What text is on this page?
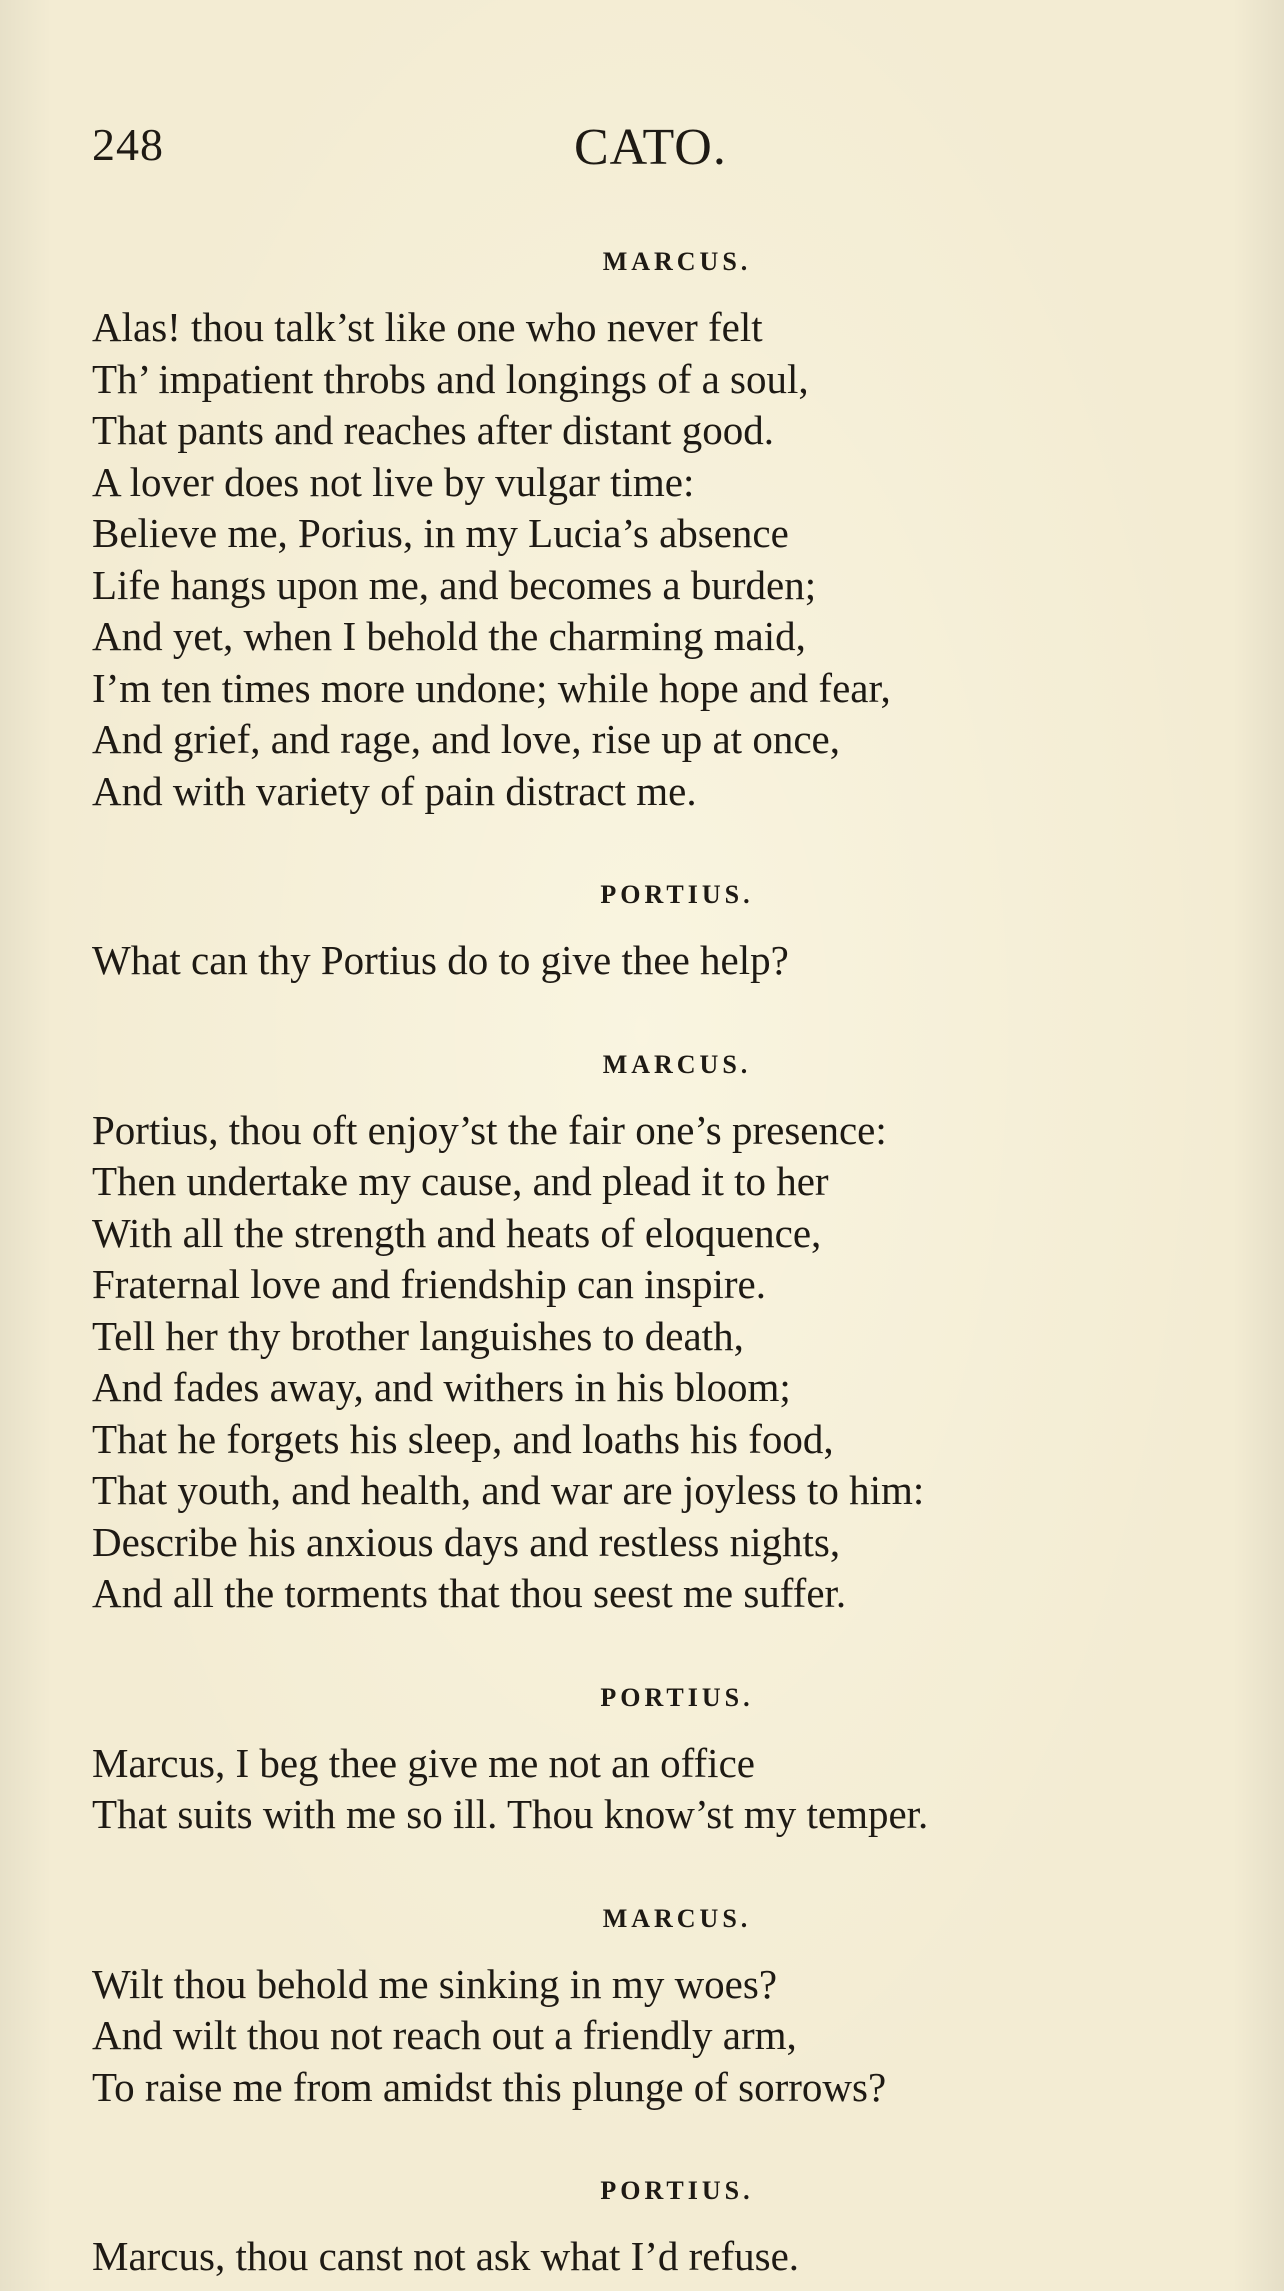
248	CATO.
MARCUS.
Alas! thou talk’st like one who never felt
Th’ impatient throbs and longings of a soul,
That pants and reaches after distant good.
A lover does not live by vulgar time:
Believe me, Porius, in my Lucia’s absence
Life hangs upon me, and becomes a burden;
And yet, when I behold the charming maid,
I’m ten times more undone; while hope and fear,
And grief, and rage, and love, rise up at once,
And with variety of pain distract me.
PORTIUS.
What can thy Portius do to give thee help?
MARCUS.
Portius, thou oft enjoy’st the fair one’s presence:
Then undertake my cause, and plead it to her
With all the strength and heats of eloquence,
Fraternal love and friendship can inspire.
Tell her thy brother languishes to death,
And fades away, and withers in his bloom;
That he forgets his sleep, and loaths his food,
That youth, and health, and war are joyless to him:
Describe his anxious days and restless nights,
And all the torments that thou seest me suffer.
PORTIUS.
Marcus, I beg thee give me not an office
That suits with me so ill. Thou know’st my temper.
MARCUS.
Wilt thou behold me sinking in my woes?
And wilt thou not reach out a friendly arm,
To raise me from amidst this plunge of sorrows?
PORTIUS.
Marcus, thou canst not ask what I’d refuse.
